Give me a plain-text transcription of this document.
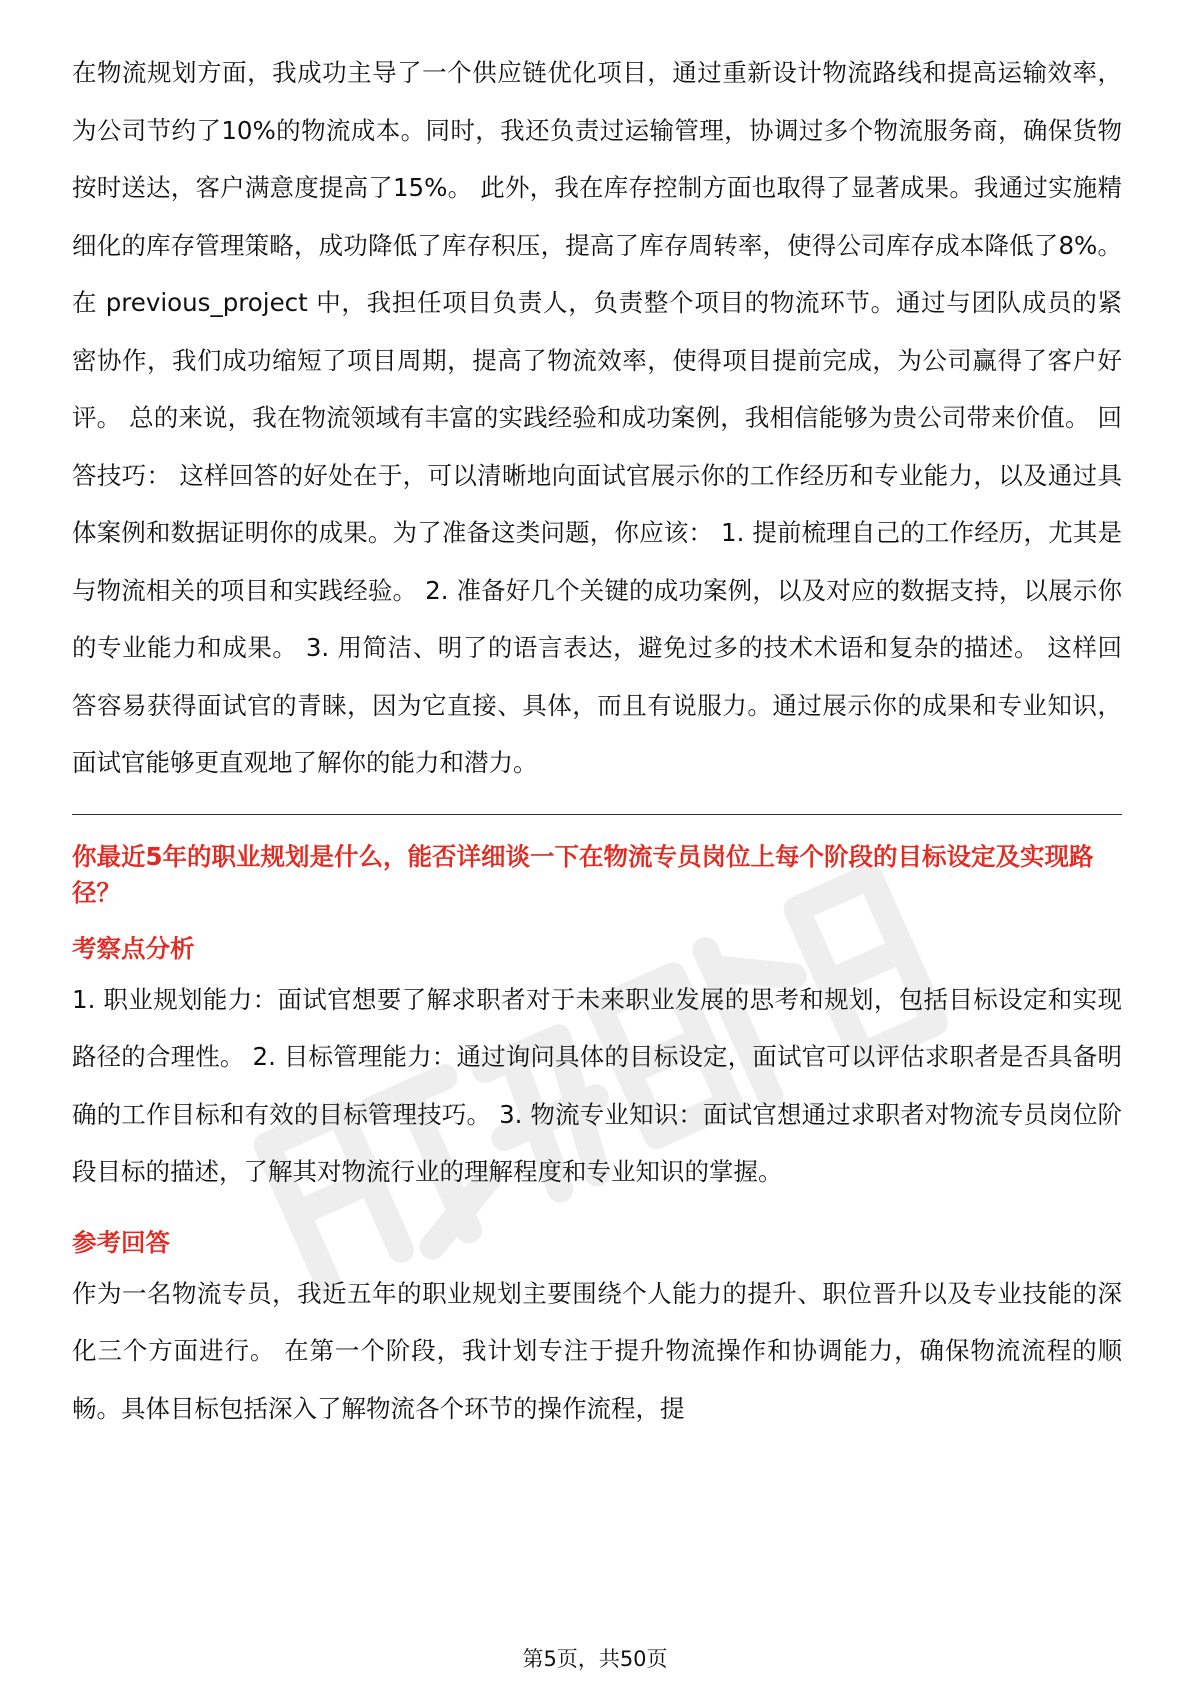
在物流规划方面，我成功主导了一个供应链优化项目，通过重新设计物流路线和提高运输效率，为公司节约了10%的物流成本。同时，我还负责过运输管理，协调过多个物流服务商，确保货物按时送达，客户满意度提高了15%。 此外，我在库存控制方面也取得了显著成果。我通过实施精细化的库存管理策略，成功降低了库存积压，提高了库存周转率，使得公司库存成本降低了8%。 在 previous_project 中，我担任项目负责人，负责整个项目的物流环节。通过与团队成员的紧密协作，我们成功缩短了项目周期，提高了物流效率，使得项目提前完成，为公司赢得了客户好评。 总的来说，我在物流领域有丰富的实践经验和成功案例，我相信能够为贵公司带来价值。 回答技巧： 这样回答的好处在于，可以清晰地向面试官展示你的工作经历和专业能力，以及通过具体案例和数据证明你的成果。为了准备这类问题，你应该： 1. 提前梳理自己的工作经历，尤其是与物流相关的项目和实践经验。 2. 准备好几个关键的成功案例，以及对应的数据支持，以展示你的专业能力和成果。 3. 用简洁、明了的语言表达，避免过多的技术术语和复杂的描述。 这样回答容易获得面试官的青睐，因为它直接、具体，而且有说服力。通过展示你的成果和专业知识，面试官能够更直观地了解你的能力和潜力。

你最近5年的职业规划是什么，能否详细谈一下在物流专员岗位上每个阶段的目标设定及实现路径？

考察点分析

1. 职业规划能力：面试官想要了解求职者对于未来职业发展的思考和规划，包括目标设定和实现路径的合理性。 2. 目标管理能力：通过询问具体的目标设定，面试官可以评估求职者是否具备明确的工作目标和有效的目标管理技巧。 3. 物流专业知识：面试官想通过求职者对物流专员岗位阶段目标的描述，了解其对物流行业的理解程度和专业知识的掌握。

参考回答

作为一名物流专员，我近五年的职业规划主要围绕个人能力的提升、职位晋升以及专业技能的深化三个方面进行。 在第一个阶段，我计划专注于提升物流操作和协调能力，确保物流流程的顺畅。具体目标包括深入了解物流各个环节的操作流程，提

第5页，共50页
